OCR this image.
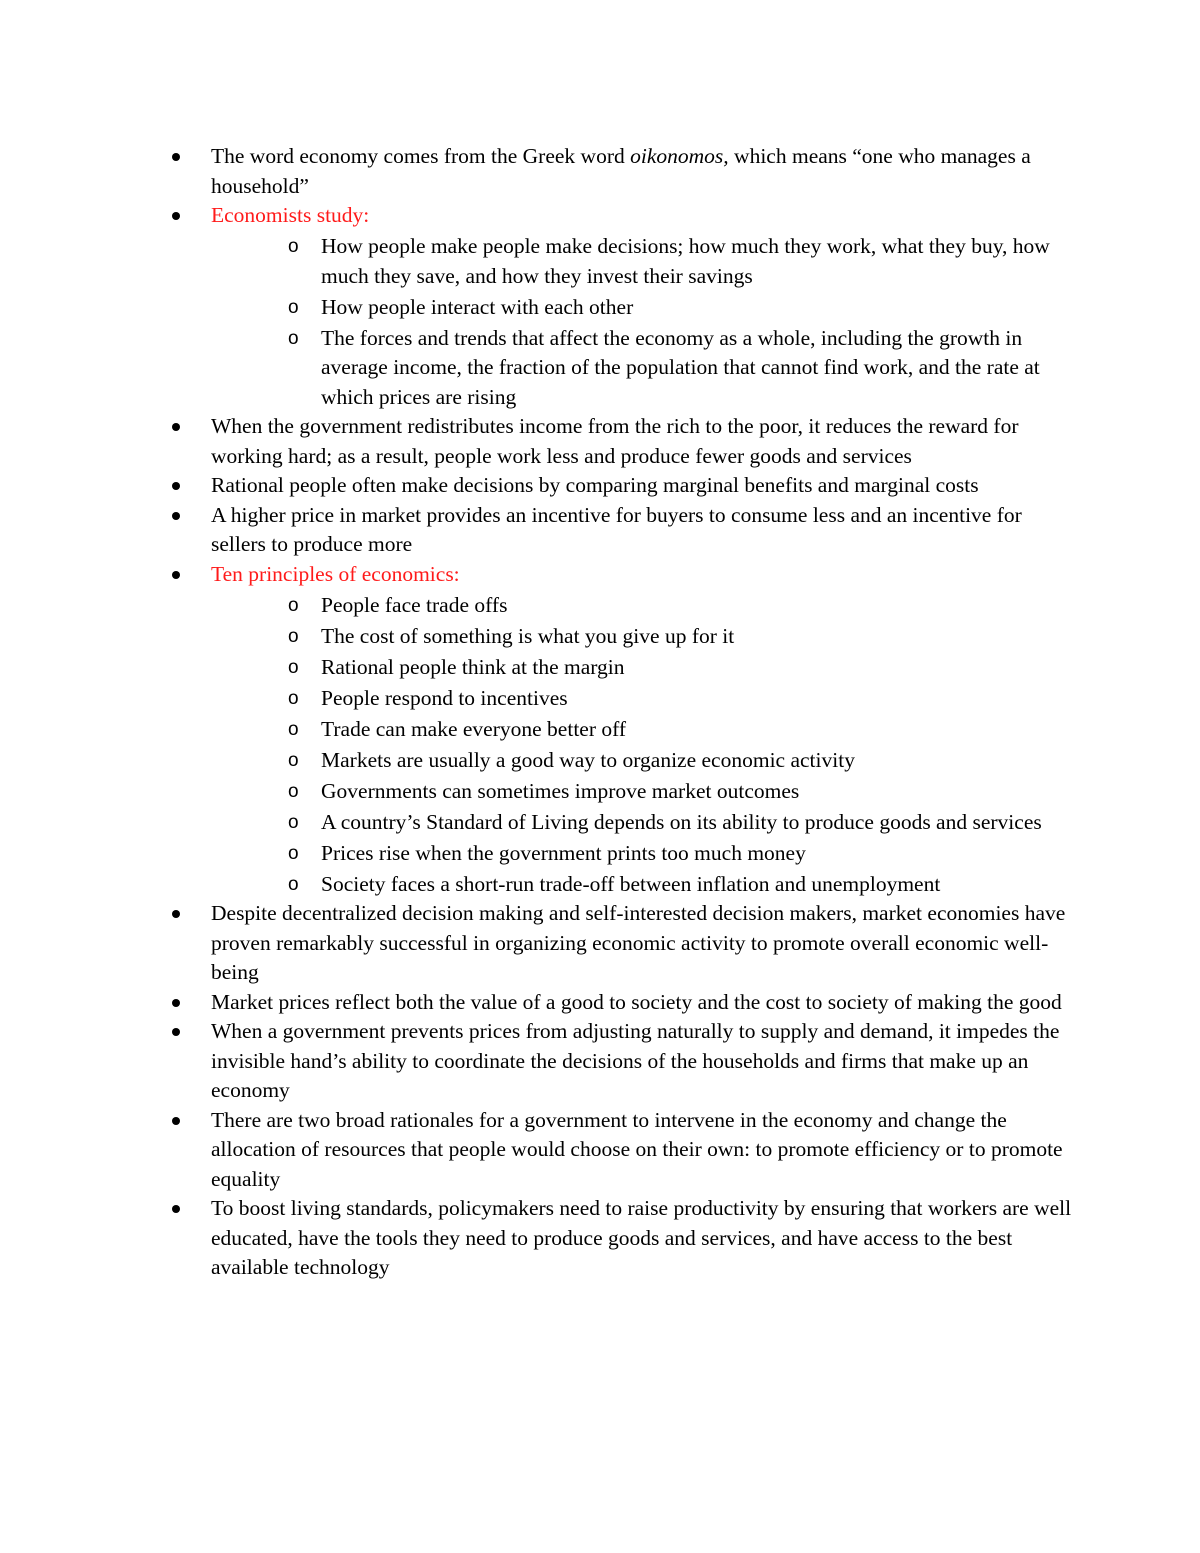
The word economy comes from the Greek word oikonomos, which means “one who manages a household”
Economists study:
o How people make people make decisions; how much they work, what they buy, how much they save, and how they invest their savings
o How people interact with each other
o The forces and trends that affect the economy as a whole, including the growth in average income, the fraction of the population that cannot find work, and the rate at which prices are rising
When the government redistributes income from the rich to the poor, it reduces the reward for working hard; as a result, people work less and produce fewer goods and services
Rational people often make decisions by comparing marginal benefits and marginal costs
A higher price in market provides an incentive for buyers to consume less and an incentive for sellers to produce more
Ten principles of economics:
o People face trade offs
o The cost of something is what you give up for it
o Rational people think at the margin
o People respond to incentives
o Trade can make everyone better off
o Markets are usually a good way to organize economic activity
o Governments can sometimes improve market outcomes
o A country’s Standard of Living depends on its ability to produce goods and services
o Prices rise when the government prints too much money
o Society faces a short-run trade-off between inflation and unemployment
Despite decentralized decision making and self-interested decision makers, market economies have proven remarkably successful in organizing economic activity to promote overall economic well-being
Market prices reflect both the value of a good to society and the cost to society of making the good
When a government prevents prices from adjusting naturally to supply and demand, it impedes the invisible hand’s ability to coordinate the decisions of the households and firms that make up an economy
There are two broad rationales for a government to intervene in the economy and change the allocation of resources that people would choose on their own: to promote efficiency or to promote equality
To boost living standards, policymakers need to raise productivity by ensuring that workers are well educated, have the tools they need to produce goods and services, and have access to the best available technology
